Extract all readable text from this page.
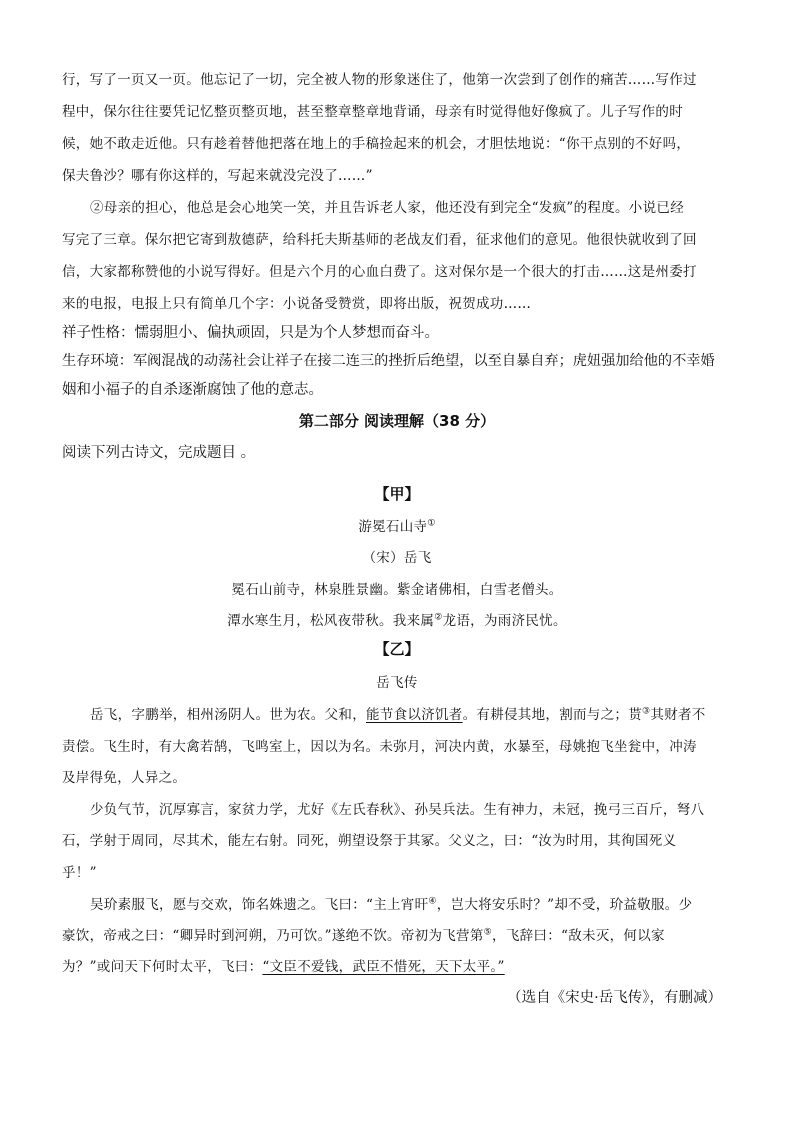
行，写了一页又一页。他忘记了一切，完全被人物的形象迷住了，他第一次尝到了创作的痛苦……写作过
程中，保尔往往要凭记忆整页整页地，甚至整章整章地背诵，母亲有时觉得他好像疯了。儿子写作的时
候，她不敢走近他。只有趁着替他把落在地上的手稿捡起来的机会，才胆怯地说：“你干点别的不好吗，
保夫鲁沙？哪有你这样的，写起来就没完没了……”
②母亲的担心，他总是会心地笑一笑，并且告诉老人家，他还没有到完全“发疯”的程度。小说已经
写完了三章。保尔把它寄到敖德萨，给科托夫斯基师的老战友们看，征求他们的意见。他很快就收到了回
信，大家都称赞他的小说写得好。但是六个月的心血白费了。这对保尔是一个很大的打击……这是州委打
来的电报，电报上只有简单几个字：小说备受赞赏，即将出版，祝贺成功……
祥子性格：懦弱胆小、偏执顽固，只是为个人梦想而奋斗。
生存环境：军阀混战的动荡社会让祥子在接二连三的挫折后绝望，以至自暴自弃；虎妞强加给他的不幸婚
姻和小福子的自杀逐渐腐蚀了他的意志。
第二部分 阅读理解（38 分）
阅读下列古诗文，完成题目 。
【甲】
游冕石山寺①
（宋）岳飞
冕石山前寺，林泉胜景幽。紫金诸佛相，白雪老僧头。
潭水寒生月，松风夜带秋。我来属②龙语，为雨济民忧。
【乙】
岳飞传
岳飞，字鹏举，相州汤阴人。世为农。父和，能节食以济饥者。有耕侵其地，割而与之；贳③其财者不
责偿。飞生时，有大禽若鹄，飞鸣室上，因以为名。未弥月，河决内黄，水暴至，母姚抱飞坐瓮中，冲涛
及岸得免，人异之。
少负气节，沉厚寡言，家贫力学，尤好《左氏春秋》、孙吴兵法。生有神力，未冠，挽弓三百斤，弩八
石，学射于周同，尽其术，能左右射。同死，朔望设祭于其冢。父义之，曰：“汝为时用，其徇国死义
乎！”
吴玠素服飞，愿与交欢，饰名姝遗之。飞曰：“主上宵旰④，岂大将安乐时？”却不受，玠益敬服。少
豪饮，帝戒之曰：“卿异时到河朔，乃可饮。”遂绝不饮。帝初为飞营第⑤，飞辞曰：“敌未灭，何以家
为？”或问天下何时太平，飞曰：“文臣不爱钱，武臣不惜死，天下太平。”
（选自《宋史·岳飞传》，有删减）
